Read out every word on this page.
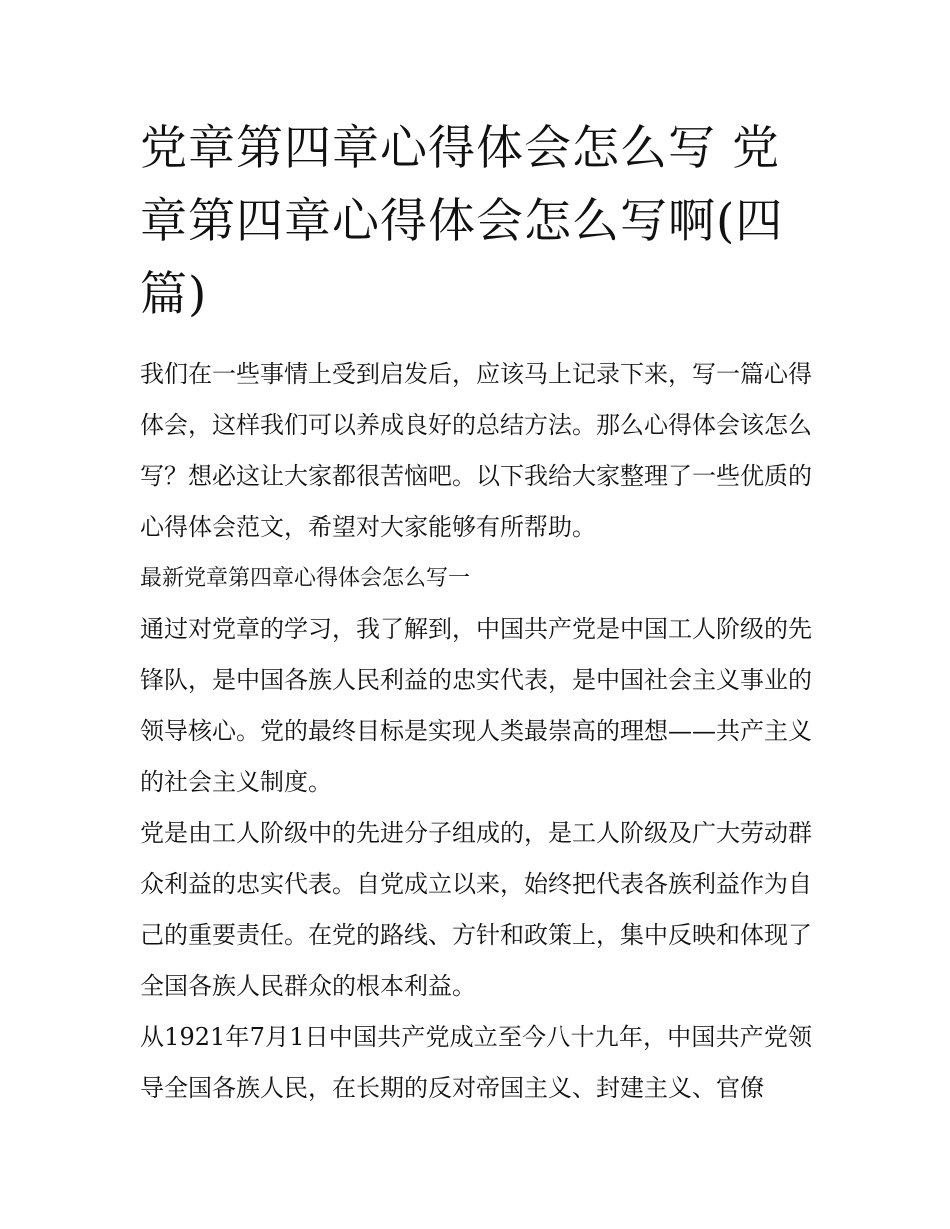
党章第四章心得体会怎么写 党章第四章心得体会怎么写啊(四篇)

我们在一些事情上受到启发后，应该马上记录下来，写一篇心得体会，这样我们可以养成良好的总结方法。那么心得体会该怎么写？想必这让大家都很苦恼吧。以下我给大家整理了一些优质的心得体会范文，希望对大家能够有所帮助。

最新党章第四章心得体会怎么写一

通过对党章的学习，我了解到，中国共产党是中国工人阶级的先锋队，是中国各族人民利益的忠实代表，是中国社会主义事业的领导核心。党的最终目标是实现人类最崇高的理想——共产主义的社会主义制度。

党是由工人阶级中的先进分子组成的，是工人阶级及广大劳动群众利益的忠实代表。自党成立以来，始终把代表各族利益作为自己的重要责任。在党的路线、方针和政策上，集中反映和体现了全国各族人民群众的根本利益。

从1921年7月1日中国共产党成立至今八十九年，中国共产党领导全国各族人民，在长期的反对帝国主义、封建主义、官僚
